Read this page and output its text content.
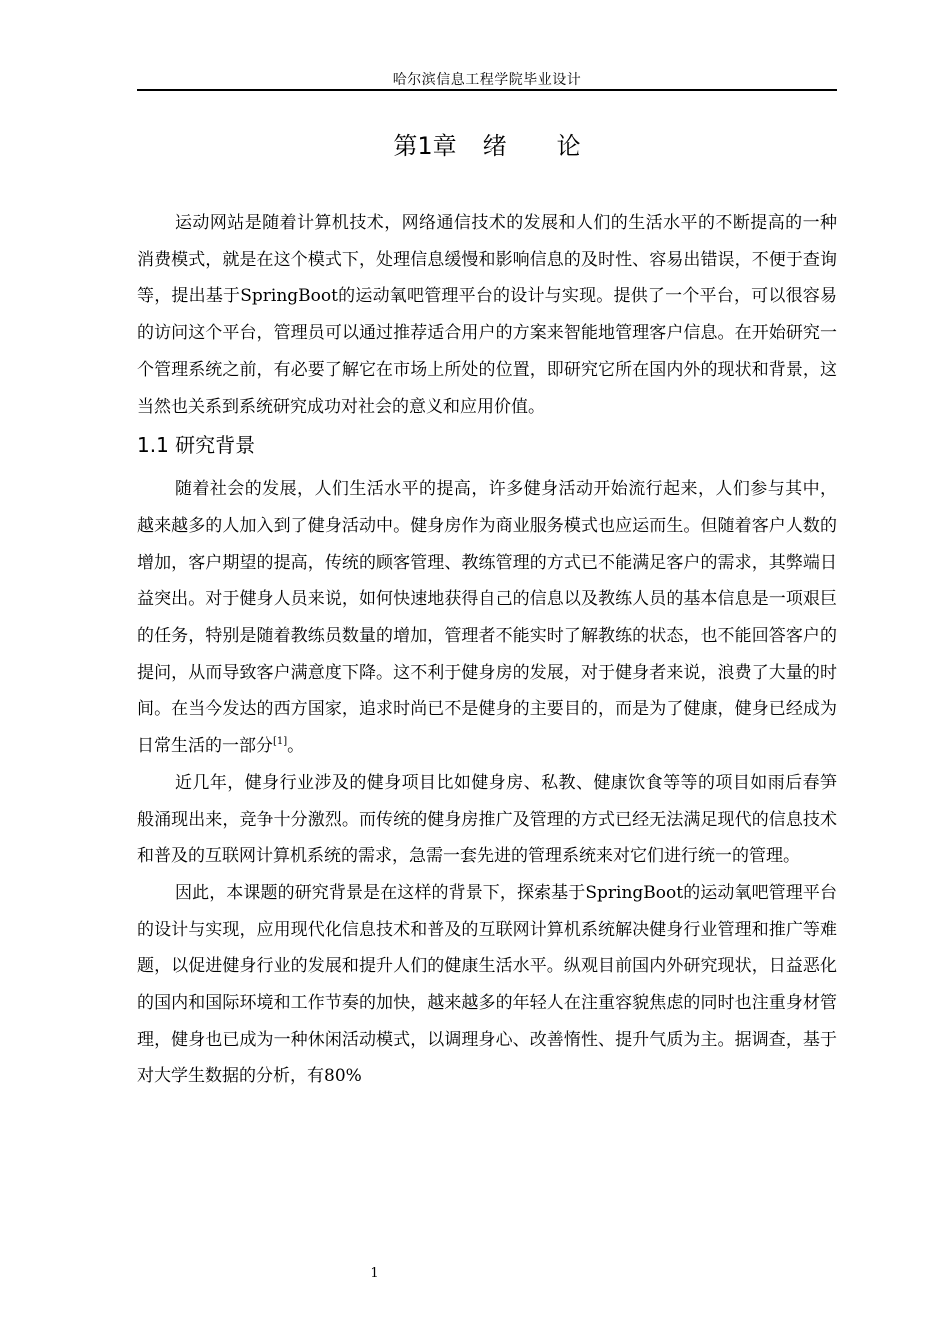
哈尔滨信息工程学院毕业设计
第1章 绪 论

运动网站是随着计算机技术，网络通信技术的发展和人们的生活水平的不断提高的一种消费模式，就是在这个模式下，处理信息缓慢和影响信息的及时性、容易出错误，不便于查询等，提出基于SpringBoot的运动氧吧管理平台的设计与实现。提供了一个平台，可以很容易的访问这个平台，管理员可以通过推荐适合用户的方案来智能地管理客户信息。在开始研究一个管理系统之前，有必要了解它在市场上所处的位置，即研究它所在国内外的现状和背景，这当然也关系到系统研究成功对社会的意义和应用价值。

1.1 研究背景

随着社会的发展，人们生活水平的提高，许多健身活动开始流行起来，人们参与其中，越来越多的人加入到了健身活动中。健身房作为商业服务模式也应运而生。但随着客户人数的增加，客户期望的提高，传统的顾客管理、教练管理的方式已不能满足客户的需求，其弊端日益突出。对于健身人员来说，如何快速地获得自己的信息以及教练人员的基本信息是一项艰巨的任务，特别是随着教练员数量的增加，管理者不能实时了解教练的状态，也不能回答客户的提问，从而导致客户满意度下降。这不利于健身房的发展，对于健身者来说，浪费了大量的时间。在当今发达的西方国家，追求时尚已不是健身的主要目的，而是为了健康，健身已经成为日常生活的一部分[1]。

近几年，健身行业涉及的健身项目比如健身房、私教、健康饮食等等的项目如雨后春笋般涌现出来，竞争十分激烈。而传统的健身房推广及管理的方式已经无法满足现代的信息技术和普及的互联网计算机系统的需求，急需一套先进的管理系统来对它们进行统一的管理。

因此，本课题的研究背景是在这样的背景下，探索基于SpringBoot的运动氧吧管理平台的设计与实现，应用现代化信息技术和普及的互联网计算机系统解决健身行业管理和推广等难题，以促进健身行业的发展和提升人们的健康生活水平。纵观目前国内外研究现状，日益恶化的国内和国际环境和工作节奏的加快，越来越多的年轻人在注重容貌焦虑的同时也注重身材管理，健身也已成为一种休闲活动模式，以调理身心、改善惰性、提升气质为主。据调查，基于对大学生数据的分析，有80%

1
